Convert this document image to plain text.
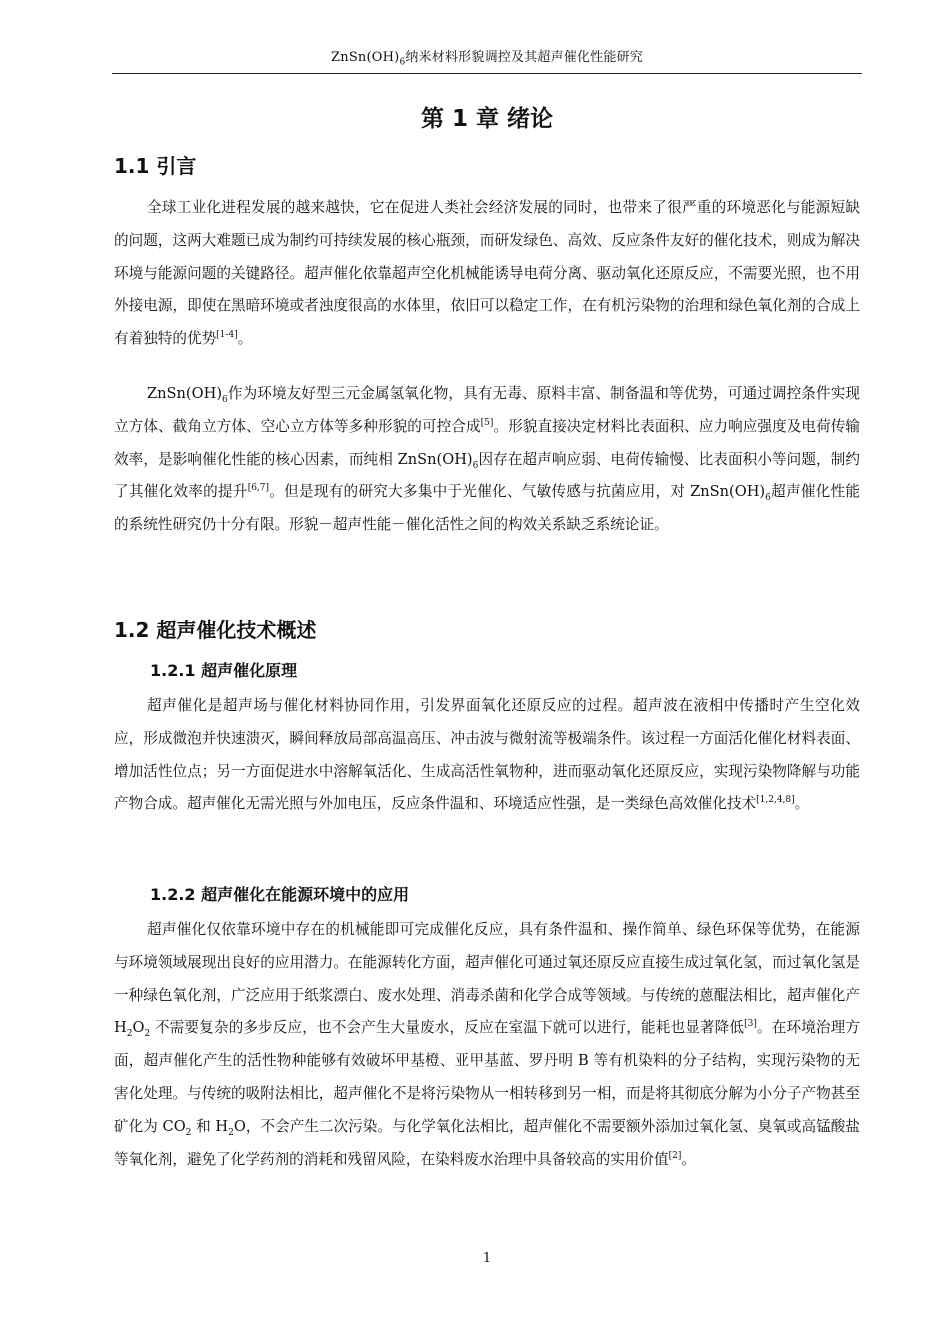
$ZnSn(OH)_6$纳米材料形貌调控及其超声催化性能研究
第 1 章 绪论
1.1 引言

全球工业化进程发展的越来越快，它在促进人类社会经济发展的同时，也带来了很严重的环境恶化与能源短缺的问题，这两大难题已成为制约可持续发展的核心瓶颈，而研发绿色、高效、反应条件友好的催化技术，则成为解决环境与能源问题的关键路径。超声催化依靠超声空化机械能诱导电荷分离、驱动氧化还原反应，不需要光照，也不用外接电源，即使在黑暗环境或者浊度很高的水体里，依旧可以稳定工作，在有机污染物的治理和绿色氧化剂的合成上有着独特的优势[1-4]。

$ZnSn(OH)_6$作为环境友好型三元金属氢氧化物，具有无毒、原料丰富、制备温和等优势，可通过调控条件实现立方体、截角立方体、空心立方体等多种形貌的可控合成[5]。形貌直接决定材料比表面积、应力响应强度及电荷传输效率，是影响催化性能的核心因素，而纯相 $ZnSn(OH)_6$因存在超声响应弱、电荷传输慢、比表面积小等问题，制约了其催化效率的提升[6,7]。但是现有的研究大多集中于光催化、气敏传感与抗菌应用，对 $ZnSn(OH)_6$超声催化性能的系统性研究仍十分有限。形貌－超声性能－催化活性之间的构效关系缺乏系统论证。

1.2 超声催化技术概述
1.2.1 超声催化原理

超声催化是超声场与催化材料协同作用，引发界面氧化还原反应的过程。超声波在液相中传播时产生空化效应，形成微泡并快速溃灭，瞬间释放局部高温高压、冲击波与微射流等极端条件。该过程一方面活化催化材料表面、增加活性位点；另一方面促进水中溶解氧活化、生成高活性氧物种，进而驱动氧化还原反应，实现污染物降解与功能产物合成。超声催化无需光照与外加电压，反应条件温和、环境适应性强，是一类绿色高效催化技术[1,2,4,8]。

1.2.2 超声催化在能源环境中的应用

超声催化仅依靠环境中存在的机械能即可完成催化反应，具有条件温和、操作简单、绿色环保等优势，在能源与环境领域展现出良好的应用潜力。在能源转化方面，超声催化可通过氧还原反应直接生成过氧化氢，而过氧化氢是一种绿色氧化剂，广泛应用于纸浆漂白、废水处理、消毒杀菌和化学合成等领域。与传统的蒽醌法相比，超声催化产 $H_2O_2$ 不需要复杂的多步反应，也不会产生大量废水，反应在室温下就可以进行，能耗也显著降低[3]。在环境治理方面，超声催化产生的活性物种能够有效破坏甲基橙、亚甲基蓝、罗丹明 B 等有机染料的分子结构，实现污染物的无害化处理。与传统的吸附法相比，超声催化不是将污染物从一相转移到另一相，而是将其彻底分解为小分子产物甚至矿化为 $CO_2$ 和 $H_2O$，不会产生二次污染。与化学氧化法相比，超声催化不需要额外添加过氧化氢、臭氧或高锰酸盐等氧化剂，避免了化学药剂的消耗和残留风险，在染料废水治理中具备较高的实用价值[2]。

1
